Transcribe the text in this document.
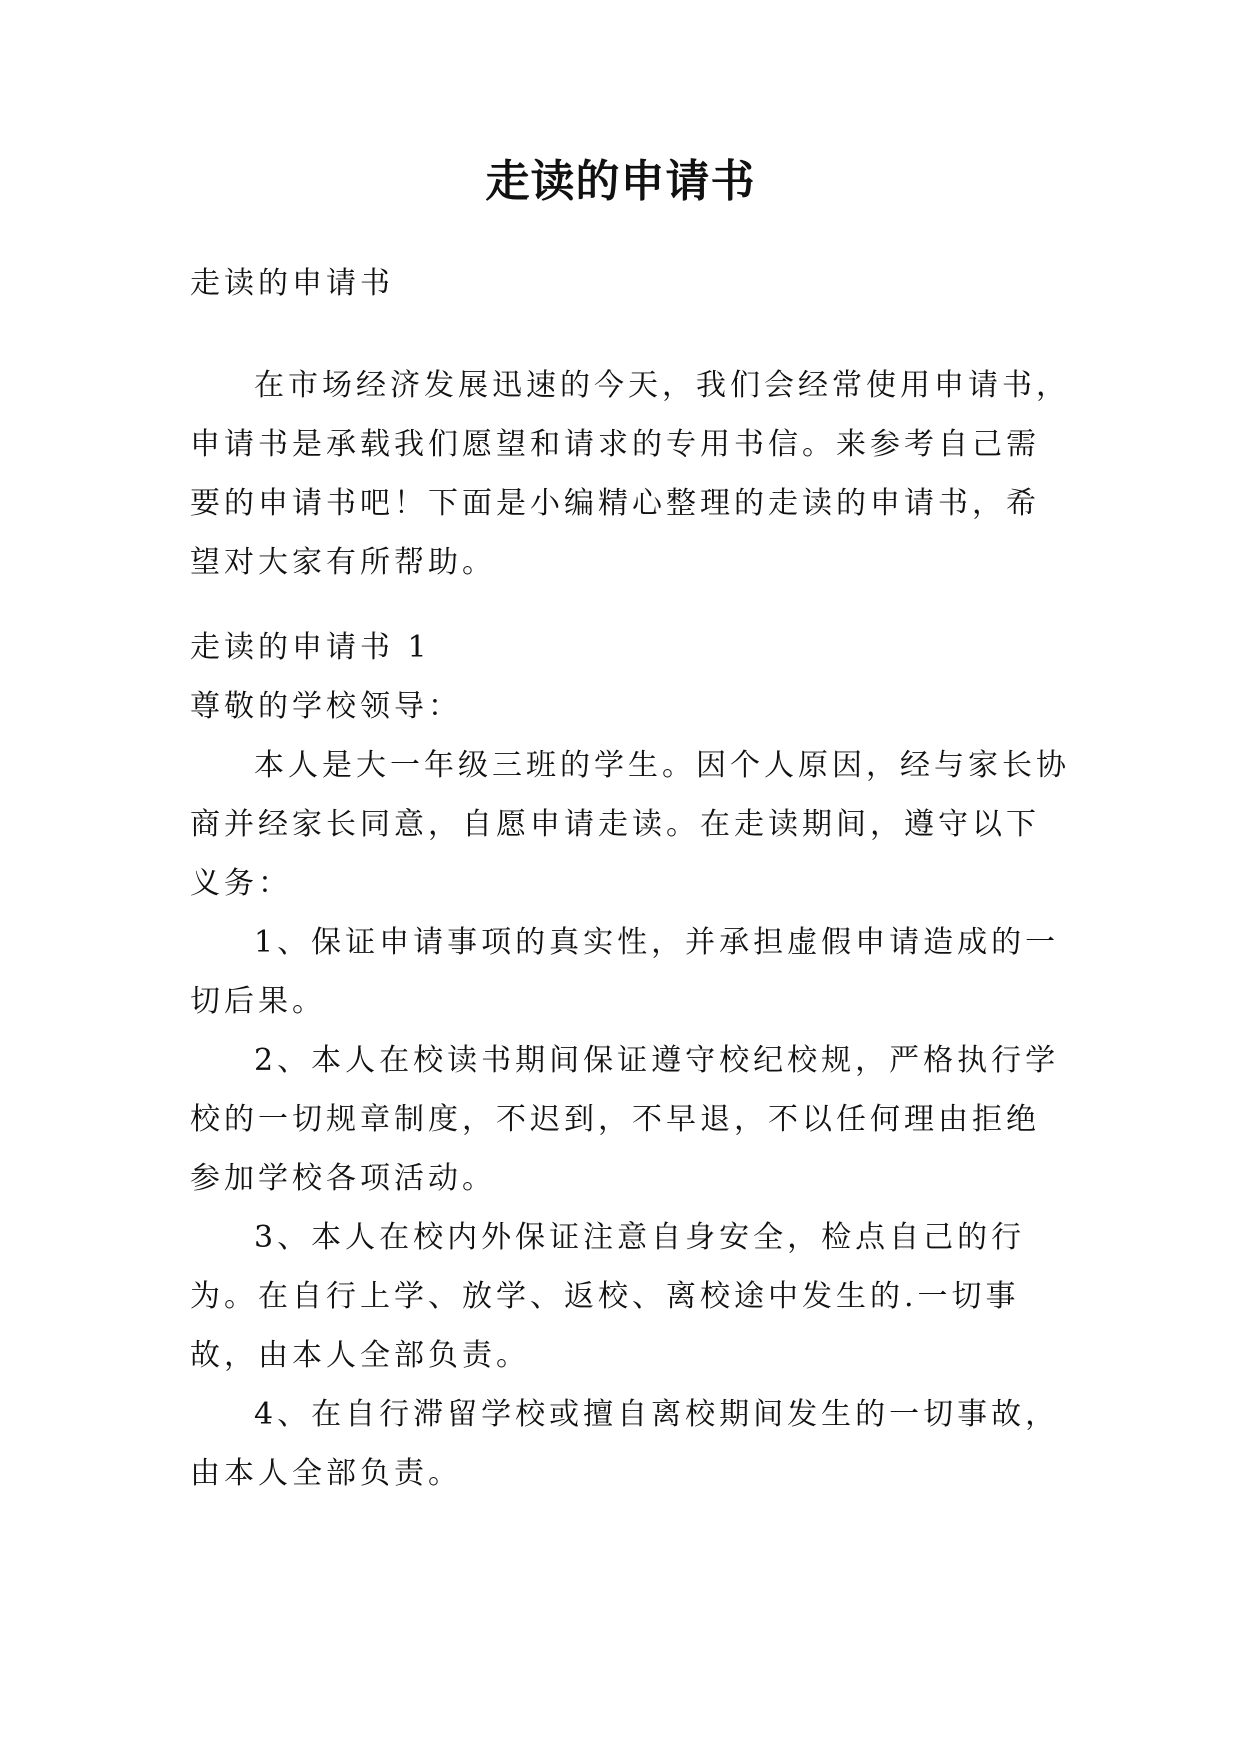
走读的申请书

走读的申请书

在市场经济发展迅速的今天，我们会经常使用申请书，申请书是承载我们愿望和请求的专用书信。来参考自己需要的申请书吧！下面是小编精心整理的走读的申请书，希望对大家有所帮助。

走读的申请书 1

尊敬的学校领导：

本人是大一年级三班的学生。因个人原因，经与家长协商并经家长同意，自愿申请走读。在走读期间，遵守以下义务：

1、保证申请事项的真实性，并承担虚假申请造成的一切后果。

2、本人在校读书期间保证遵守校纪校规，严格执行学校的一切规章制度，不迟到，不早退，不以任何理由拒绝参加学校各项活动。

3、本人在校内外保证注意自身安全，检点自己的行为。在自行上学、放学、返校、离校途中发生的.一切事故，由本人全部负责。

4、在自行滞留学校或擅自离校期间发生的一切事故，由本人全部负责。
